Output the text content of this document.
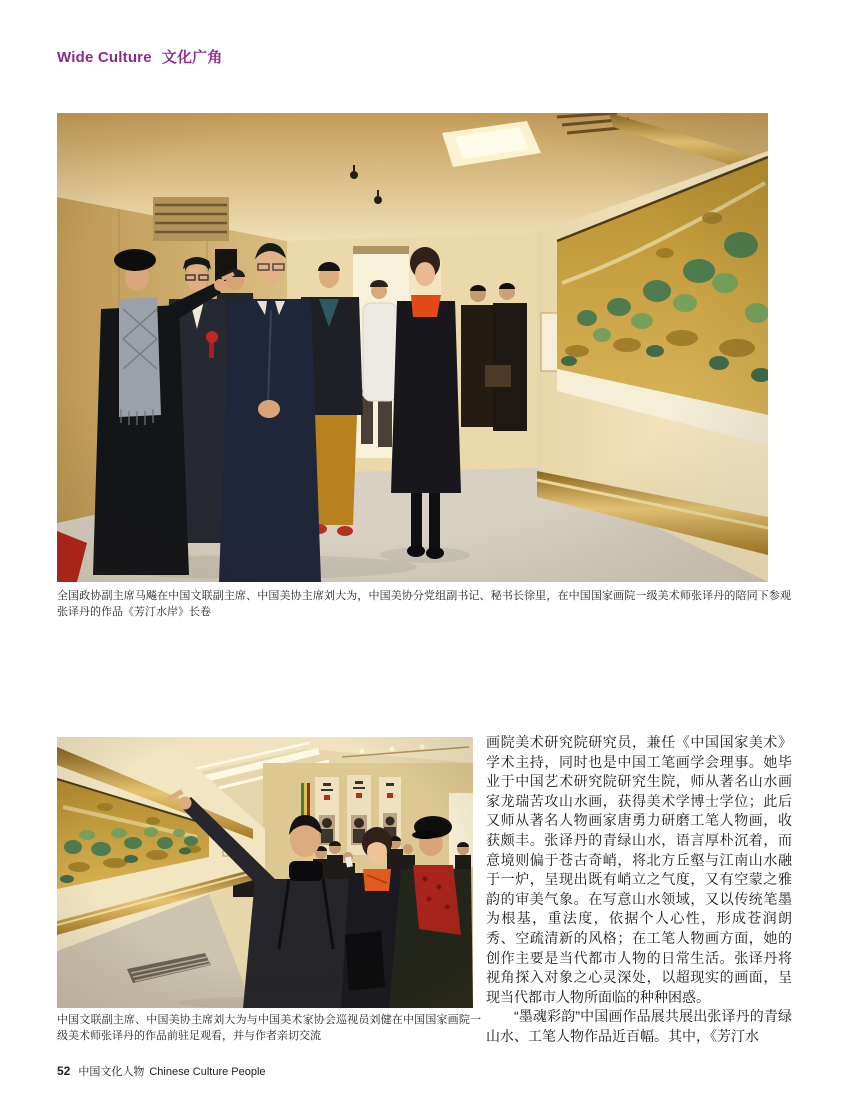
Wide Culture 文化广角
全国政协副主席马飚在中国文联副主席、中国美协主席刘大为，中国美协分党组副书记、秘书长徐里，在中国国家画院一级美术师张译丹的陪同下参观张译丹的作品《芳汀水岸》长卷
中国文联副主席、中国美协主席刘大为与中国美术家协会巡视员刘健在中国国家画院一级美术师张译丹的作品前驻足观看，并与作者亲切交流

画院美术研究院研究员，兼任《中国国家美术》学术主持，同时也是中国工笔画学会理事。她毕业于中国艺术研究院研究生院，师从著名山水画家龙瑞苦攻山水画，获得美术学博士学位；此后又师从著名人物画家唐勇力研磨工笔人物画，收获颇丰。张译丹的青绿山水，语言厚朴沉着，而意境则偏于苍古奇峭，将北方丘壑与江南山水融于一炉，呈现出既有峭立之气度，又有空蒙之雅韵的审美气象。在写意山水领域，又以传统笔墨为根基，重法度，依据个人心性，形成苍润朗秀、空疏清新的风格；在工笔人物画方面，她的创作主要是当代都市人物的日常生活。张译丹将视角探入对象之心灵深处，以超现实的画面，呈现当代都市人物所面临的种种困惑。

“墨魂彩韵”中国画作品展共展出张译丹的青绿山水、工笔人物作品近百幅。其中，《芳汀水

52 中国文化人物 Chinese Culture People
